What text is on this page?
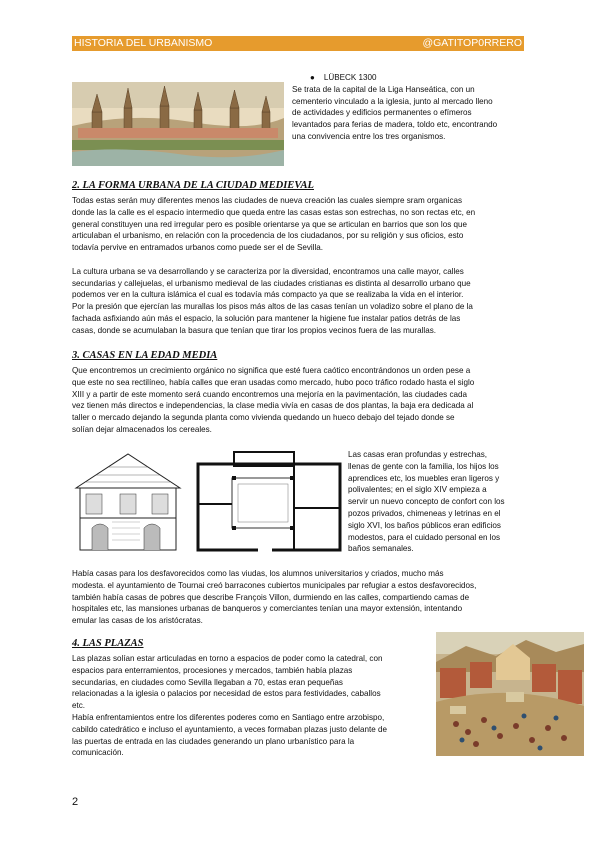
HISTORIA DEL URBANISMO	@GATITOP0RRERO

● LÜBECK 1300

Se trata de la capital de la Liga Hanseática, con un

cementerio vinculado a la iglesia, junto al mercado lleno

de actividades y edificios permanentes o efímeros

levantados para ferias de madera, toldo etc, encontrando

una convivencia entre los tres organismos.

2. LA FORMA URBANA DE LA CIUDAD MEDIEVAL

Todas estas serán muy diferentes menos las ciudades de nueva creación las cuales siempre sram organicas

donde las la calle es el espacio intermedio que queda entre las casas estas son estrechas, no son rectas etc, en

general constituyen una red irregular pero es posible orientarse ya que se articulan en barrios que son los que

articulaban el urbanismo, en relación con la procedencia de los ciudadanos, por su religión y sus oficios, esto

todavía pervive en entramados urbanos como puede ser el de Sevilla.

La cultura urbana se va desarrollando y se caracteriza por la diversidad, encontramos una calle mayor, calles

secundarias y callejuelas, el urbanismo medieval de las ciudades cristianas es distinta al desarrollo urbano que

podemos ver en la cultura islámica el cual es todavía más compacto ya que se realizaba la vida en el interior.

Por la presión que ejercían las murallas los pisos más altos de las casas tenían un voladizo sobre el plano de la

fachada asfixiando aún más el espacio, la solución para mantener la higiene fue instalar patios detrás de las

casas, donde se acumulaban la basura que tenían que tirar los propios vecinos fuera de las murallas.

3. CASAS EN LA EDAD MEDIA

Que encontremos un crecimiento orgánico no significa que esté fuera caótico encontrándonos un orden pese a

que este no sea rectilíneo, había calles que eran usadas como mercado, hubo poco tráfico rodado hasta el siglo

XIII y a partir de este momento será cuando encontremos una mejoría en la pavimentación, las ciudades cada

vez tienen más directos e independencias, la clase media vivía en casas de dos plantas, la baja era dedicada al

taller o mercado dejando la segunda planta como vivienda quedando un hueco debajo del tejado donde se

solían dejar almacenados los cereales.

Las casas eran profundas y estrechas,

llenas de gente con la familia, los hijos los

aprendices etc, los muebles eran ligeros y

polivalentes; en el siglo XIV empieza a

servir un nuevo concepto de confort con los

pozos privados, chimeneas y letrinas en el

siglo XVI, los baños públicos eran edificios

modestos, para el cuidado personal en los

baños semanales.

Había casas para los desfavorecidos como las viudas, los alumnos universitarios y criados, mucho más

modesta. el ayuntamiento de Tournai creó barracones cubiertos municipales par refugiar a estos desfavorecidos,

también había casas de pobres que describe François Villon, durmiendo en las calles, compartiendo camas de

hospitales etc, las mansiones urbanas de banqueros y comerciantes tenían una mayor extensión, intentando

emular las casas de los aristócratas.

4. LAS PLAZAS

Las plazas solían estar articuladas en torno a espacios de poder como la catedral, con

espacios para enterramientos, procesiones y mercados, también había plazas

secundarias, en ciudades como Sevilla llegaban a 70, estas eran pequeñas

relacionadas a la iglesia o palacios por necesidad de estos para festividades, caballos

etc.

Había enfrentamientos entre los diferentes poderes como en Santiago entre arzobispo,

cabildo catedrático e incluso el ayuntamiento, a veces formaban plazas justo delante de

las puertas de entrada en las ciudades generando un plano urbanístico para la

comunicación.

2
